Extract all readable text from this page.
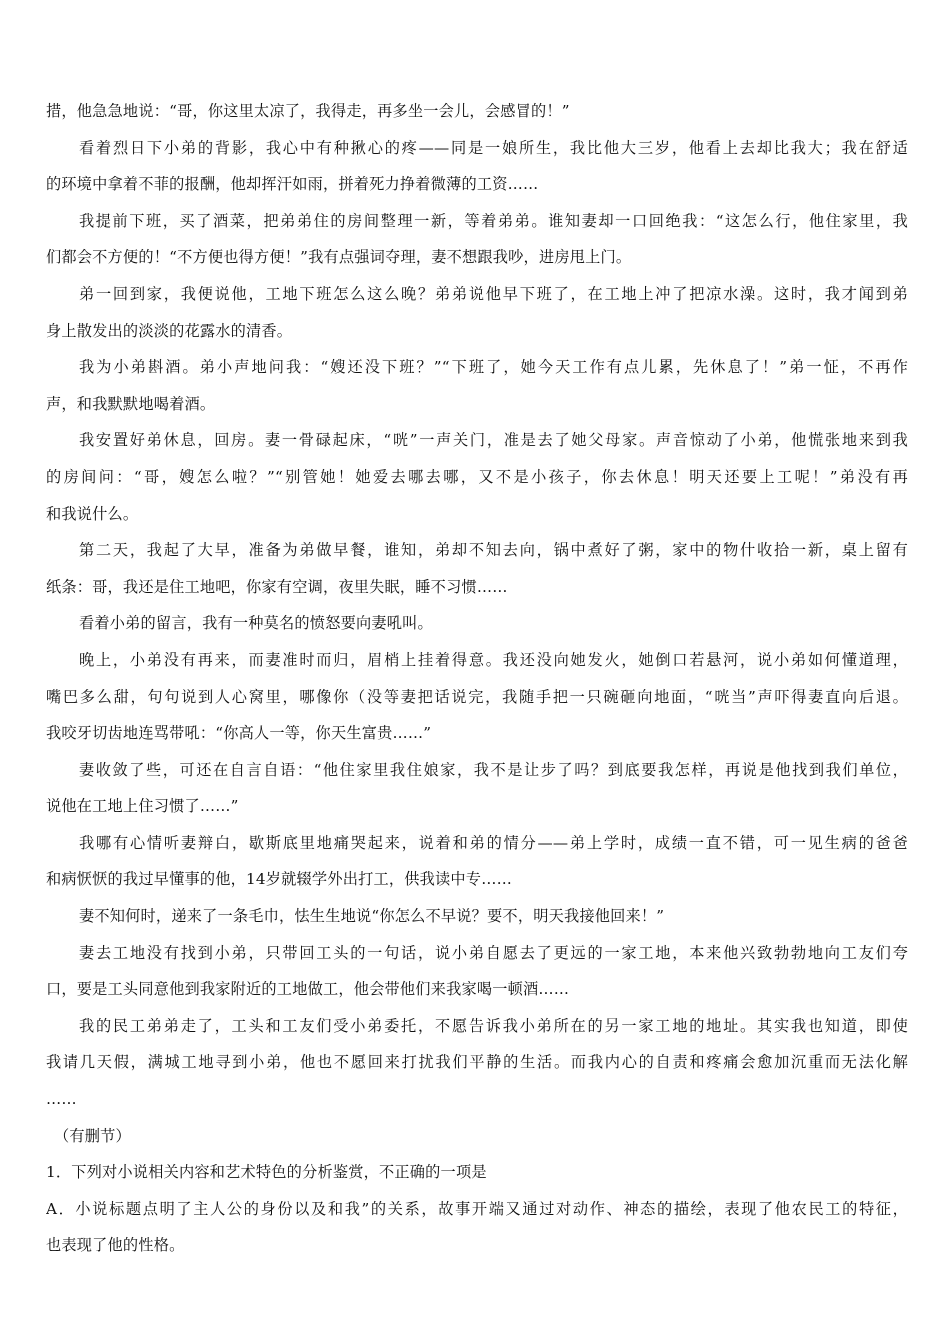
措，他急急地说：“哥，你这里太凉了，我得走，再多坐一会儿，会感冒的！”
看着烈日下小弟的背影，我心中有种揪心的疼——同是一娘所生，我比他大三岁，他看上去却比我大；我在舒适
的环境中拿着不菲的报酬，他却挥汗如雨，拼着死力挣着微薄的工资……
我提前下班，买了酒菜，把弟弟住的房间整理一新，等着弟弟。谁知妻却一口回绝我：“这怎么行，他住家里，我
们都会不方便的！“不方便也得方便！”我有点强词夺理，妻不想跟我吵，进房甩上门。
弟一回到家，我便说他，工地下班怎么这么晚？弟弟说他早下班了，在工地上冲了把凉水澡。这时，我才闻到弟
身上散发出的淡淡的花露水的清香。
我为小弟斟酒。弟小声地问我：“嫂还没下班？”“下班了，她今天工作有点儿累，先休息了！”弟一怔，不再作
声，和我默默地喝着酒。
我安置好弟休息，回房。妻一骨碌起床，“咣”一声关门，准是去了她父母家。声音惊动了小弟，他慌张地来到我
的房间问：“哥，嫂怎么啦？”“别管她！她爱去哪去哪，又不是小孩子，你去休息！明天还要上工呢！”弟没有再
和我说什么。
第二天，我起了大早，准备为弟做早餐，谁知，弟却不知去向，锅中煮好了粥，家中的物什收拾一新，桌上留有
纸条：哥，我还是住工地吧，你家有空调，夜里失眠，睡不习惯……
看着小弟的留言，我有一种莫名的愤怒要向妻吼叫。
晚上，小弟没有再来，而妻准时而归，眉梢上挂着得意。我还没向她发火，她倒口若悬河，说小弟如何懂道理，
嘴巴多么甜，句句说到人心窝里，哪像你（没等妻把话说完，我随手把一只碗砸向地面，“咣当”声吓得妻直向后退。
我咬牙切齿地连骂带吼：“你高人一等，你天生富贵……”
妻收敛了些，可还在自言自语：“他住家里我住娘家，我不是让步了吗？到底要我怎样，再说是他找到我们单位，
说他在工地上住习惯了……”
我哪有心情听妻辩白，歇斯底里地痛哭起来，说着和弟的情分——弟上学时，成绩一直不错，可一见生病的爸爸
和病恹恹的我过早懂事的他，14岁就辍学外出打工，供我读中专……
妻不知何时，递来了一条毛巾，怯生生地说“你怎么不早说？要不，明天我接他回来！”
妻去工地没有找到小弟，只带回工头的一句话，说小弟自愿去了更远的一家工地，本来他兴致勃勃地向工友们夸
口，要是工头同意他到我家附近的工地做工，他会带他们来我家喝一顿酒……
我的民工弟弟走了，工头和工友们受小弟委托，不愿告诉我小弟所在的另一家工地的地址。其实我也知道，即使
我请几天假，满城工地寻到小弟，他也不愿回来打扰我们平静的生活。而我内心的自责和疼痛会愈加沉重而无法化解
……
（有删节）
1．下列对小说相关内容和艺术特色的分析鉴赏，不正确的一项是
A．小说标题点明了主人公的身份以及和我”的关系，故事开端又通过对动作、神态的描绘，表现了他农民工的特征，
也表现了他的性格。
